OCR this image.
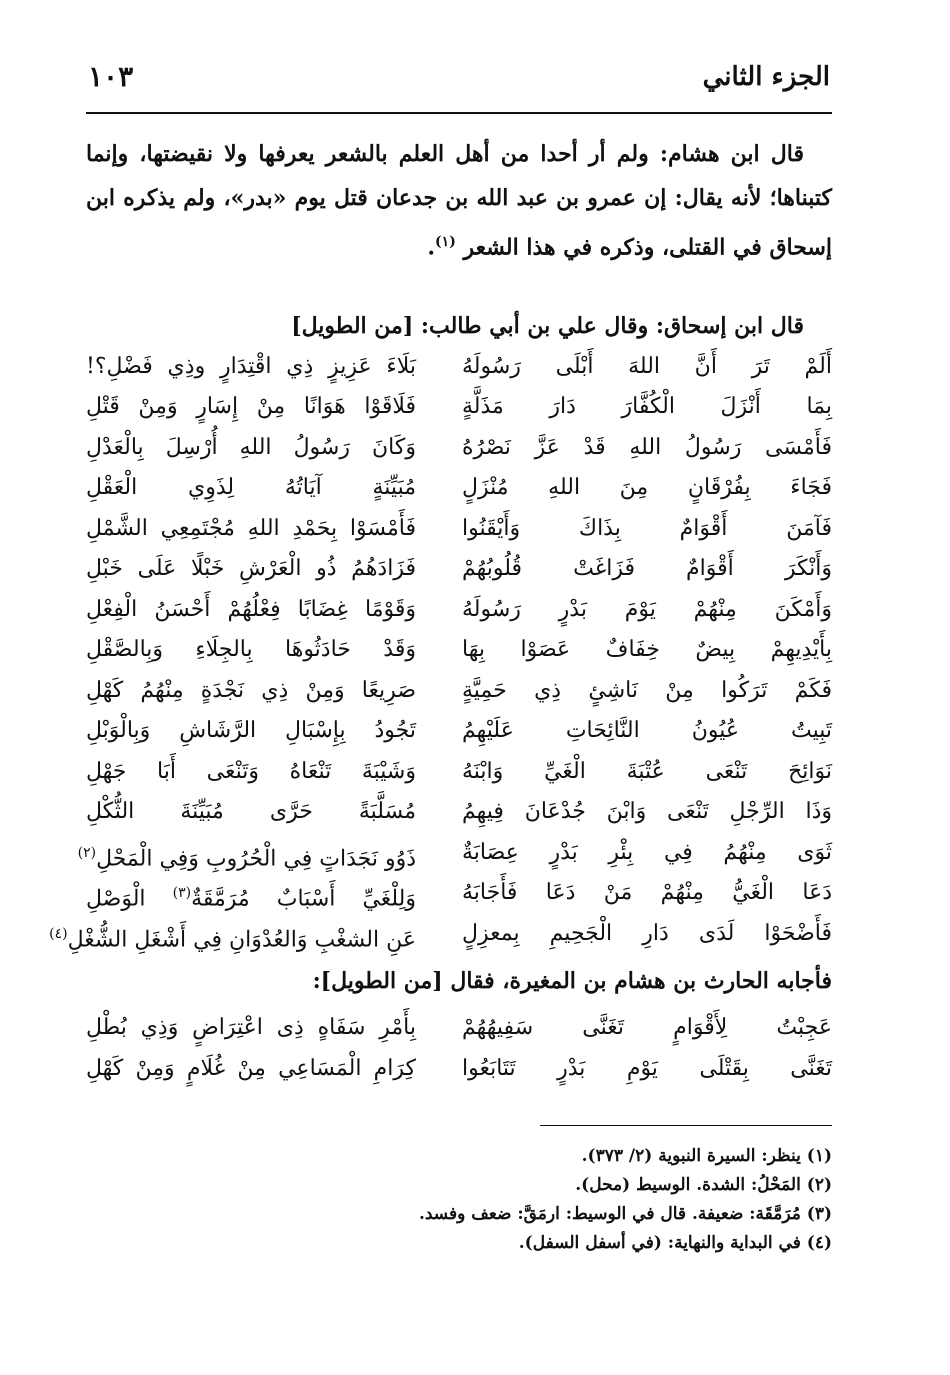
الجزء الثاني
١٠٣

قال ابن هشام: ولم أر أحدا من أهل العلم بالشعر يعرفها ولا نقيضتها، وإنما كتبناها؛ لأنه يقال: إن عمرو بن عبد الله بن جدعان قتل يوم «بدر»، ولم يذكره ابن إسحاق في القتلى، وذكره في هذا الشعر $^{(١)}$.

قال ابن إسحاق: وقال علي بن أبي طالب: [من الطويل]
أَلَمْ تَرَ أَنَّ اللهَ أَبْلَى رَسُولَهُ
بَلَاءَ عَزِيزٍ ذِي اقْتِدَارٍ وذِي فَضْلِ؟!
بِمَا أَنْزَلَ الْكُفَّارَ دَارَ مَذَلَّةٍ
فَلَاقَوْا هَوَانًا مِنْ إِسَارٍ وَمِنْ قَتْلِ
فَأَمْسَى رَسُولُ اللهِ قَدْ عَزَّ نَصْرُهُ
وَكَانَ رَسُولُ اللهِ أُرْسِلَ بِالْعَدْلِ
فَجَاءَ بِفُرْقَانٍ مِنَ اللهِ مُنْزَلٍ
مُبَيِّنَةٍ آيَاتُهُ لِذَوِي الْعَقْلِ
فَآمَنَ أَقْوَامٌ بِذَاكَ وَأَيْقَنُوا
فَأَمْسَوْا بِحَمْدِ اللهِ مُجْتَمِعِي الشَّمْلِ
وَأَنْكَرَ أَقْوَامٌ فَزَاغَتْ قُلُوبُهُمْ
فَزَادَهُمُ ذُو الْعَرْشِ خَبْلًا عَلَى خَبْلِ
وَأَمْكَنَ مِنْهُمْ يَوْمَ بَدْرٍ رَسُولَهُ
وَقَوْمًا غِضَابًا فِعْلُهُمْ أَحْسَنُ الْفِعْلِ
بِأَيْدِيهِمْ بِيضٌ خِفَافٌ عَصَوْا بِهَا
وَقَدْ حَادَثُوهَا بِالجِلَاءِ وَبِالصَّقْلِ
فَكَمْ تَرَكُوا مِنْ نَاشِئٍ ذِي حَمِيَّةٍ
صَرِيعًا وَمِنْ ذِي نَجْدَةٍ مِنْهُمُ كَهْلِ
تَبِيتُ عُيُونُ النَّائِحَاتِ عَلَيْهِمُ
تَجُودُ بِإِسْبَالِ الرَّشَاشِ وَبِالْوَبْلِ
نَوَائِحَ تَنْعَى عُتْبَةَ الْغَيِّ وَابْنَهُ
وَشَيْبَةَ تَنْعَاهُ وَتَنْعَى أَبَا جَهْلِ
وَذَا الرِّجْلِ تَنْعَى وَابْنَ جُدْعَانَ فِيهِمُ
مُسَلَّبَةً حَرَّى مُبَيِّنَةَ الثُّكْلِ
ثَوَى مِنْهُمُ فِي بِئْرِ بَدْرٍ عِصَابَةٌ
ذَوُو نَجَدَاتٍ فِي الْحُرُوبِ وَفِي الْمَحْلِ$^{(٢)}$
دَعَا الْغَيُّ مِنْهُمْ مَنْ دَعَا فَأَجَابَهُ
وَلِلْغَيِّ أَسْبَابٌ مُرَمَّقَةٌ$^{(٣)}$ الْوَصْلِ
فَأَضْحَوْا لَدَى دَارِ الْجَحِيمِ بِمعزِلٍ
عَنِ الشغْبِ وَالعُدْوَانِ فِي أَشْغَلِ الشُّغْلِ$^{(٤)}$
فأجابه الحارث بن هشام بن المغيرة، فقال [من الطويل]:
عَجِبْتُ لِأَقْوَامٍ تَغَنَّى سَفِيهُهُمْ
بِأَمْرِ سَفَاهٍ ذِى اعْتِرَاضٍ وَذِي بُطْلِ
تَغَنَّى بِقَتْلَى يَوْمِ بَدْرٍ تَتَابَعُوا
كِرَامِ الْمَسَاعِي مِنْ غُلَامٍ وَمِنْ كَهْلِ
(١) ينظر: السيرة النبوية (٢/ ٣٧٣).
(٢) المَحْلُ: الشدة. الوسيط (محل).
(٣) مُرَمَّقَة: ضعيفة. قال في الوسيط: ارمَقَّ: ضعف وفسد.
(٤) في البداية والنهاية: (في أسفل السفل).
